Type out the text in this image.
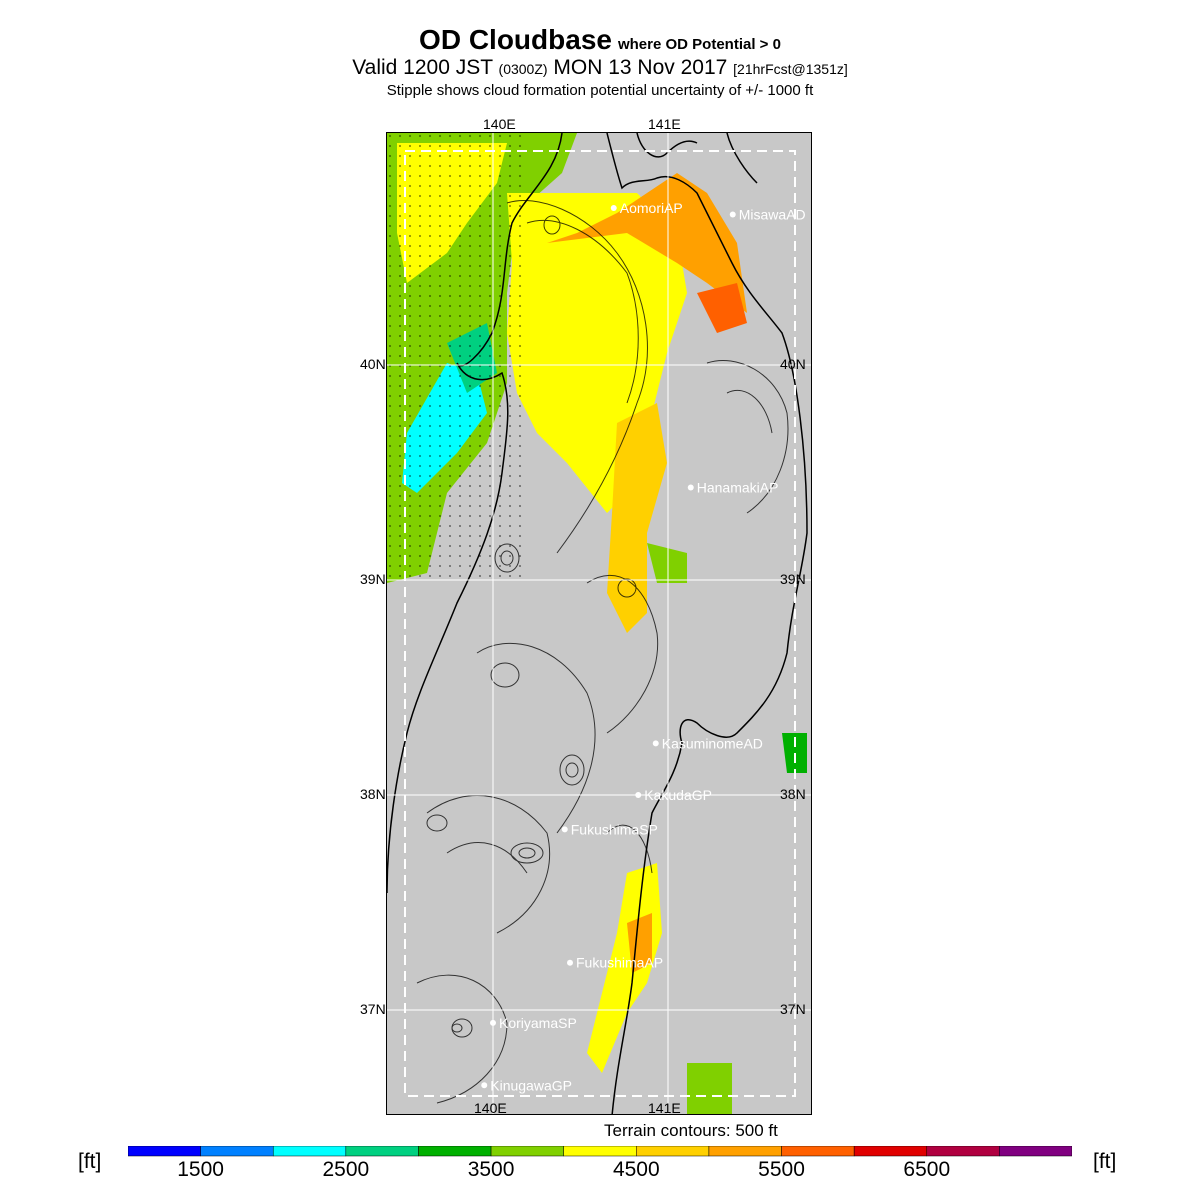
OD Cloudbase where OD Potential > 0
Valid 1200 JST (0300Z) MON 13 Nov 2017 [21hrFcst@1351z]
Stipple shows cloud formation potential uncertainty of +/- 1000 ft
AomoriAP	MisawaAD
HanamakiAP
KasuminomeAD
KakudaGP
FukushimaSP
FukushimaAP
KoriyamaSP
KinugawaGP
140E	141E
140E	141E
40N
39N
38N
37N
40N
39N
38N
37N
Terrain contours: 500 ft
[ft]	[ft]
1500	2500	3500	4500	5500	6500
